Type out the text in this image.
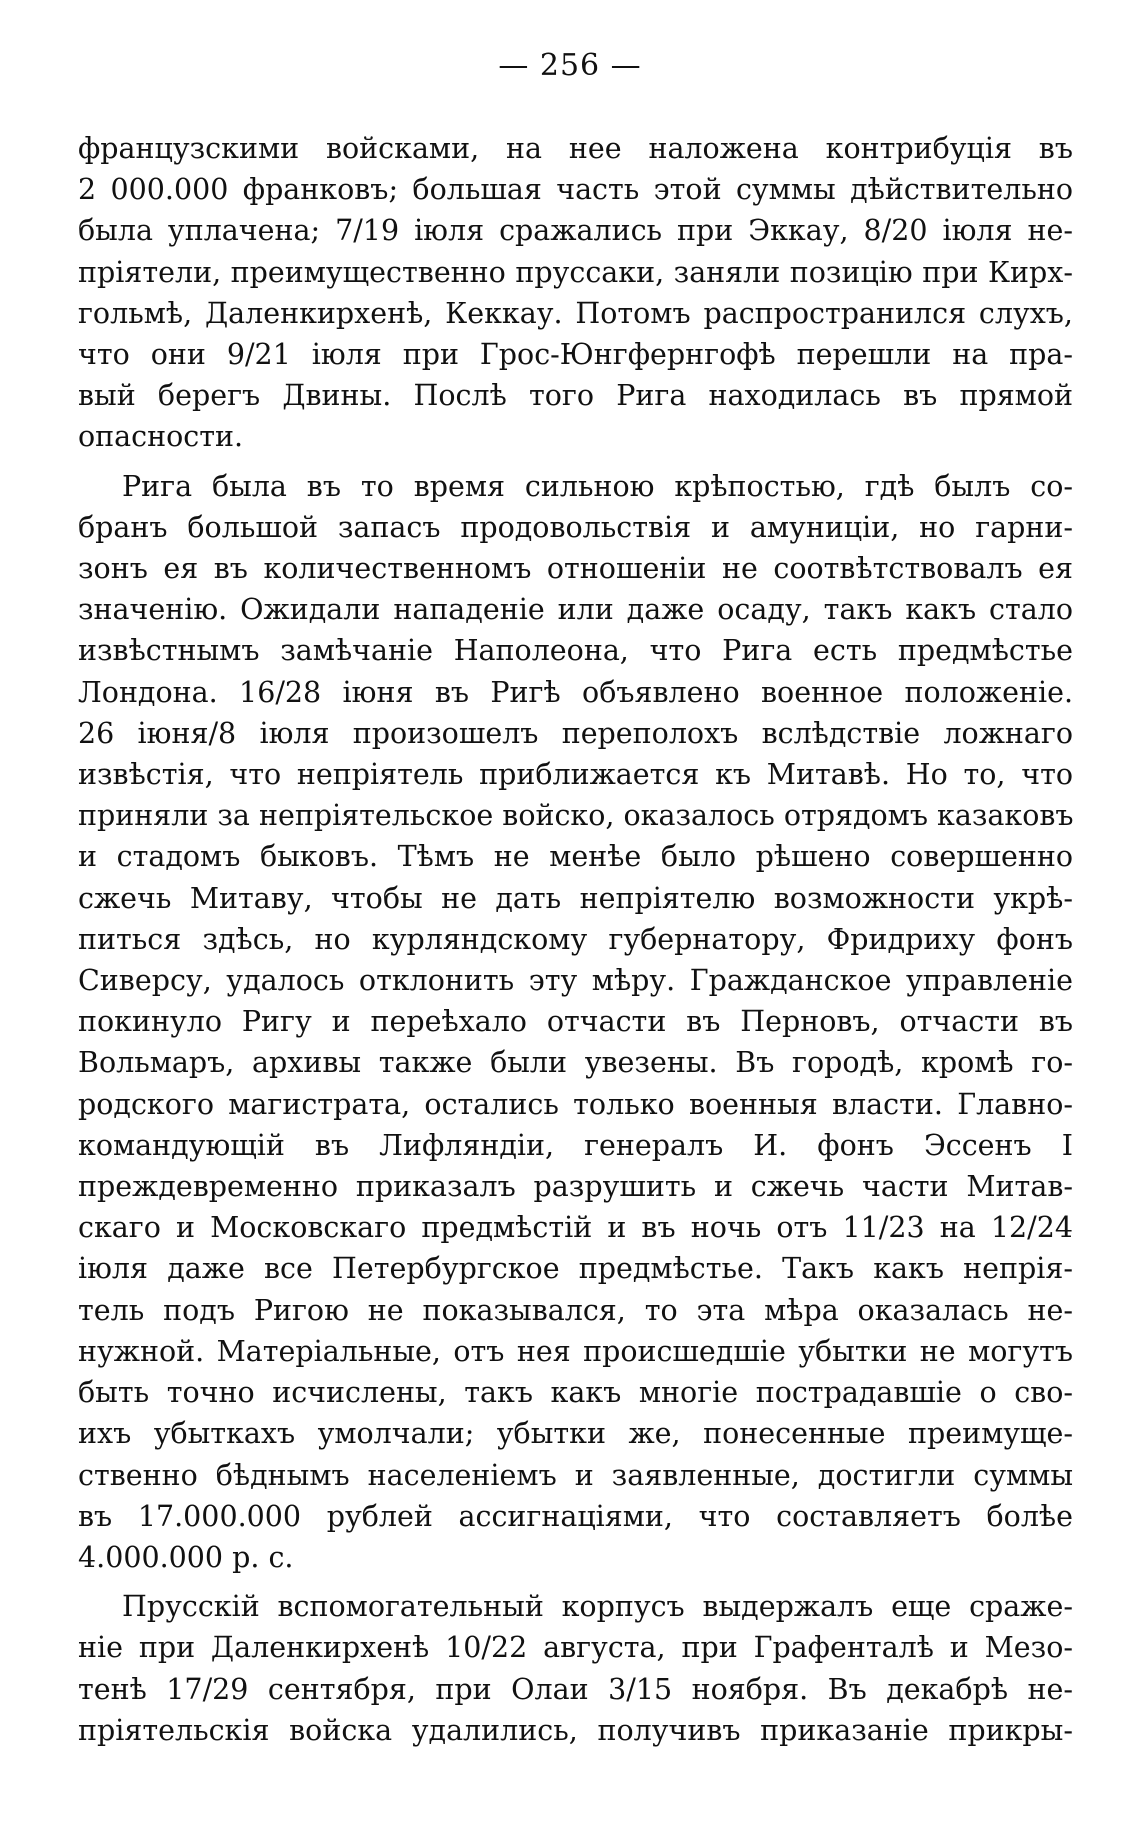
— 256 —

французскими войсками, на нее наложена контрибуція въ
2 000.000 франковъ; большая часть этой суммы дѣйствительно
была уплачена; 7/19 іюля сражались при Эккау, 8/20 іюля не-
пріятели, преимущественно пруссаки, заняли позицію при Кирх-
гольмѣ, Даленкирхенѣ, Кеккау. Потомъ распространился слухъ,
что они 9/21 іюля при Грос-Юнгфернгофѣ перешли на пра-
вый берегъ Двины. Послѣ того Рига находилась въ прямой
опасности.

Рига была въ то время сильною крѣпостью, гдѣ былъ со-
бранъ большой запасъ продовольствія и амуниціи, но гарни-
зонъ ея въ количественномъ отношеніи не соотвѣтствовалъ ея
значенію. Ожидали нападеніе или даже осаду, такъ какъ стало
извѣстнымъ замѣчаніе Наполеона, что Рига есть предмѣстье
Лондона. 16/28 іюня въ Ригѣ объявлено военное положеніе.
26 іюня/8 іюля произошелъ переполохъ вслѣдствіе ложнаго
извѣстія, что непріятель приближается къ Митавѣ. Но то, что
приняли за непріятельское войско, оказалось отрядомъ казаковъ
и стадомъ быковъ. Тѣмъ не менѣе было рѣшено совершенно
сжечь Митаву, чтобы не дать непріятелю возможности укрѣ-
питься здѣсь, но курляндскому губернатору, Фридриху фонъ
Сиверсу, удалось отклонить эту мѣру. Гражданское управленіе
покинуло Ригу и переѣхало отчасти въ Перновъ, отчасти въ
Вольмаръ, архивы также были увезены. Въ городѣ, кромѣ го-
родского магистрата, остались только военныя власти. Главно-
командующій въ Лифляндіи, генералъ И. фонъ Эссенъ I
преждевременно приказалъ разрушить и сжечь части Митав-
скаго и Московскаго предмѣстій и въ ночь отъ 11/23 на 12/24
іюля даже все Петербургское предмѣстье. Такъ какъ непрія-
тель подъ Ригою не показывался, то эта мѣра оказалась не-
нужной. Матеріальные, отъ нея происшедшіе убытки не могутъ
быть точно исчислены, такъ какъ многіе пострадавшіе о сво-
ихъ убыткахъ умолчали; убытки же, понесенные преимуще-
ственно бѣднымъ населеніемъ и заявленные, достигли суммы
въ 17.000.000 рублей ассигнаціями, что составляетъ болѣе
4.000.000 р. с.

Прусскій вспомогательный корпусъ выдержалъ еще сраже-
ніе при Даленкирхенѣ 10/22 августа, при Графенталѣ и Мезо-
тенѣ 17/29 сентября, при Олаи 3/15 ноября. Въ декабрѣ не-
пріятельскія войска удалились, получивъ приказаніе прикры-
